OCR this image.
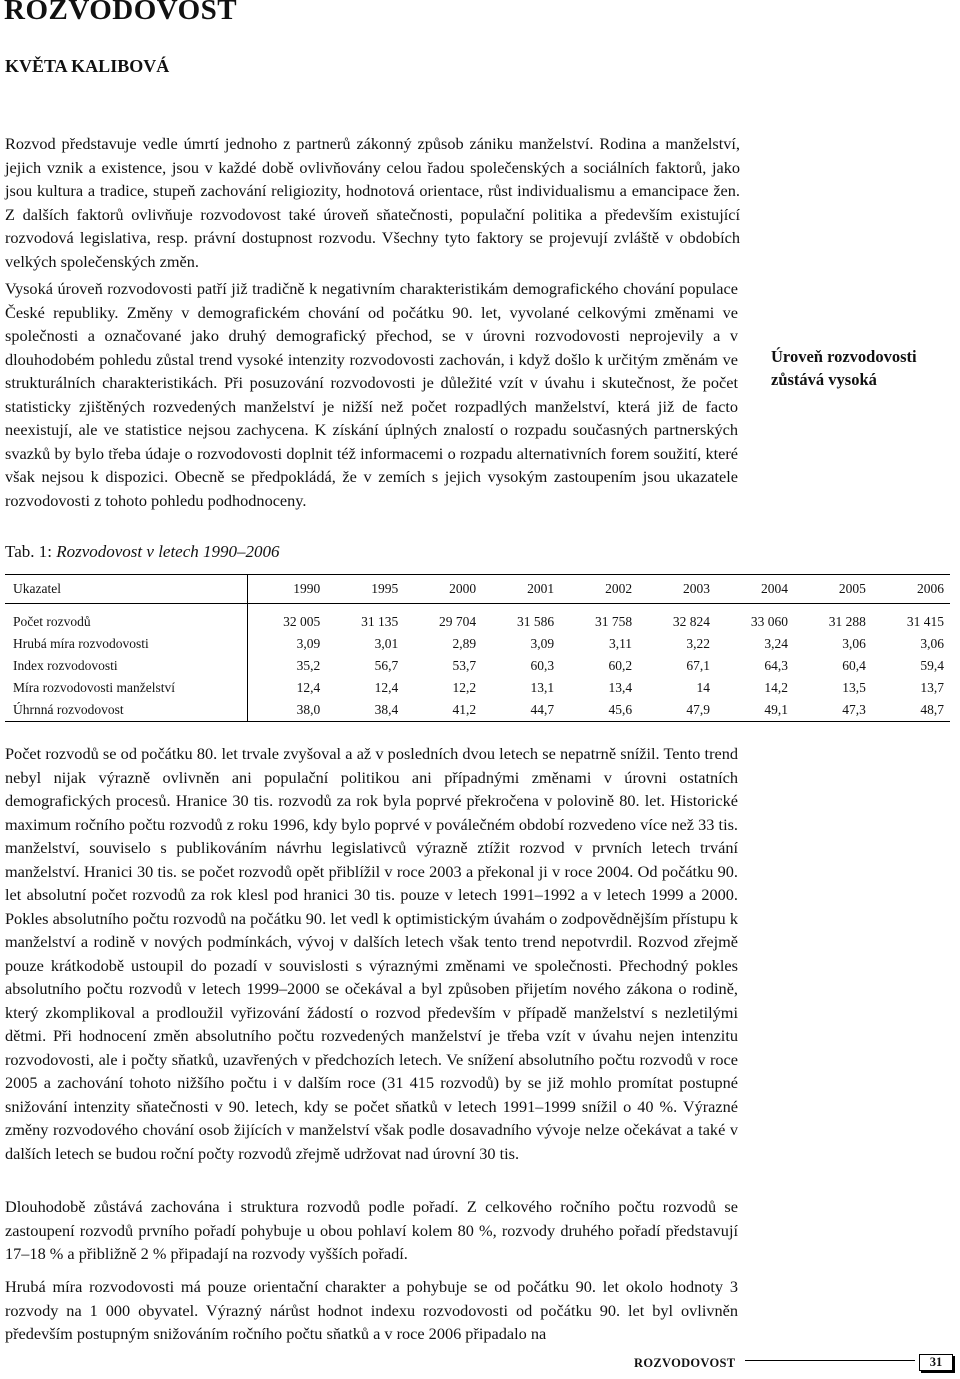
ROZVODOVOST

KVĚTA KALIBOVÁ

Rozvod představuje vedle úmrtí jednoho z partnerů zákonný způsob zániku manželství. Rodina a manželství, jejich vznik a existence, jsou v každé době ovlivňovány celou řadou společenských a sociálních faktorů, jako jsou kultura a tradice, stupeň zachování religiozity, hodnotová orientace, růst individualismu a emancipace žen. Z dalších faktorů ovlivňuje rozvodovost také úroveň sňatečnosti, populační politika a především existující rozvodová legislativa, resp. právní dostupnost rozvodu. Všechny tyto faktory se projevují zvláště v obdobích velkých společenských změn.

Vysoká úroveň rozvodovosti patří již tradičně k negativním charakteristikám demografického chování populace České republiky. Změny v demografickém chování od počátku 90. let, vyvolané celkovými změnami ve společnosti a označované jako druhý demografický přechod, se v úrovni rozvodovosti neprojevily a v dlouhodobém pohledu zůstal trend vysoké intenzity rozvodovosti zachován, i když došlo k určitým změnám ve strukturálních charakteristikách. Při posuzování rozvodovosti je důležité vzít v úvahu i skutečnost, že počet statisticky zjištěných rozvedených manželství je nižší než počet rozpadlých manželství, která již de facto neexistují, ale ve statistice nejsou zachycena. K získání úplných znalostí o rozpadu současných partnerských svazků by bylo třeba údaje o rozvodovosti doplnit též informacemi o rozpadu alternativních forem soužití, které však nejsou k dispozici. Obecně se předpokládá, že v zemích s jejich vysokým zastoupením jsou ukazatele rozvodovosti z tohoto pohledu podhodnoceny.

Úroveň rozvodovosti zůstává vysoká

Tab. 1: Rozvodovost v letech 1990–2006

Ukazatel	1990	1995	2000	2001	2002	2003	2004	2005	2006

Počet rozvodů	32 005	31 135	29 704	31 586	31 758	32 824	33 060	31 288	31 415
Hrubá míra rozvodovosti	3,09	3,01	2,89	3,09	3,11	3,22	3,24	3,06	3,06
Index rozvodovosti	35,2	56,7	53,7	60,3	60,2	67,1	64,3	60,4	59,4
Míra rozvodovosti manželství	12,4	12,4	12,2	13,1	13,4	14	14,2	13,5	13,7
Úhrnná rozvodovost	38,0	38,4	41,2	44,7	45,6	47,9	49,1	47,3	48,7

Počet rozvodů se od počátku 80. let trvale zvyšoval a až v posledních dvou letech se nepatrně snížil. Tento trend nebyl nijak výrazně ovlivněn ani populační politikou ani případnými změnami v úrovni ostatních demografických procesů. Hranice 30 tis. rozvodů za rok byla poprvé překročena v polovině 80. let. Historické maximum ročního počtu rozvodů z roku 1996, kdy bylo poprvé v poválečném období rozvedeno více než 33 tis. manželství, souviselo s publikováním návrhu legislativců výrazně ztížit rozvod v prvních letech trvání manželství. Hranici 30 tis. se počet rozvodů opět přiblížil v roce 2003 a překonal ji v roce 2004. Od počátku 90. let absolutní počet rozvodů za rok klesl pod hranici 30 tis. pouze v letech 1991–1992 a v letech 1999 a 2000. Pokles absolutního počtu rozvodů na počátku 90. let vedl k optimistickým úvahám o zodpovědnějším přístupu k manželství a rodině v nových podmínkách, vývoj v dalších letech však tento trend nepotvrdil. Rozvod zřejmě pouze krátkodobě ustoupil do pozadí v souvislosti s výraznými změnami ve společnosti. Přechodný pokles absolutního počtu rozvodů v letech 1999–2000 se očekával a byl způsoben přijetím nového zákona o rodině, který zkomplikoval a prodloužil vyřizování žádostí o rozvod především v případě manželství s nezletilými dětmi. Při hodnocení změn absolutního počtu rozvedených manželství je třeba vzít v úvahu nejen intenzitu rozvodovosti, ale i počty sňatků, uzavřených v předchozích letech. Ve snížení absolutního počtu rozvodů v roce 2005 a zachování tohoto nižšího počtu i v dalším roce (31 415 rozvodů) by se již mohlo promítat postupné snižování intenzity sňatečnosti v 90. letech, kdy se počet sňatků v letech 1991–1999 snížil o 40 %. Výrazné změny rozvodového chování osob žijících v manželství však podle dosavadního vývoje nelze očekávat a také v dalších letech se budou roční počty rozvodů zřejmě udržovat nad úrovní 30 tis.

Dlouhodobě zůstává zachována i struktura rozvodů podle pořadí. Z celkového ročního počtu rozvodů se zastoupení rozvodů prvního pořadí pohybuje u obou pohlaví kolem 80 %, rozvody druhého pořadí představují 17–18 % a přibližně 2 % připadají na rozvody vyšších pořadí.

Hrubá míra rozvodovosti má pouze orientační charakter a pohybuje se od počátku 90. let okolo hodnoty 3 rozvody na 1 000 obyvatel. Výrazný nárůst hodnot indexu rozvodovosti od počátku 90. let byl ovlivněn především postupným snižováním ročního počtu sňatků a v roce 2006 připadalo na

ROZVODOVOST	31
